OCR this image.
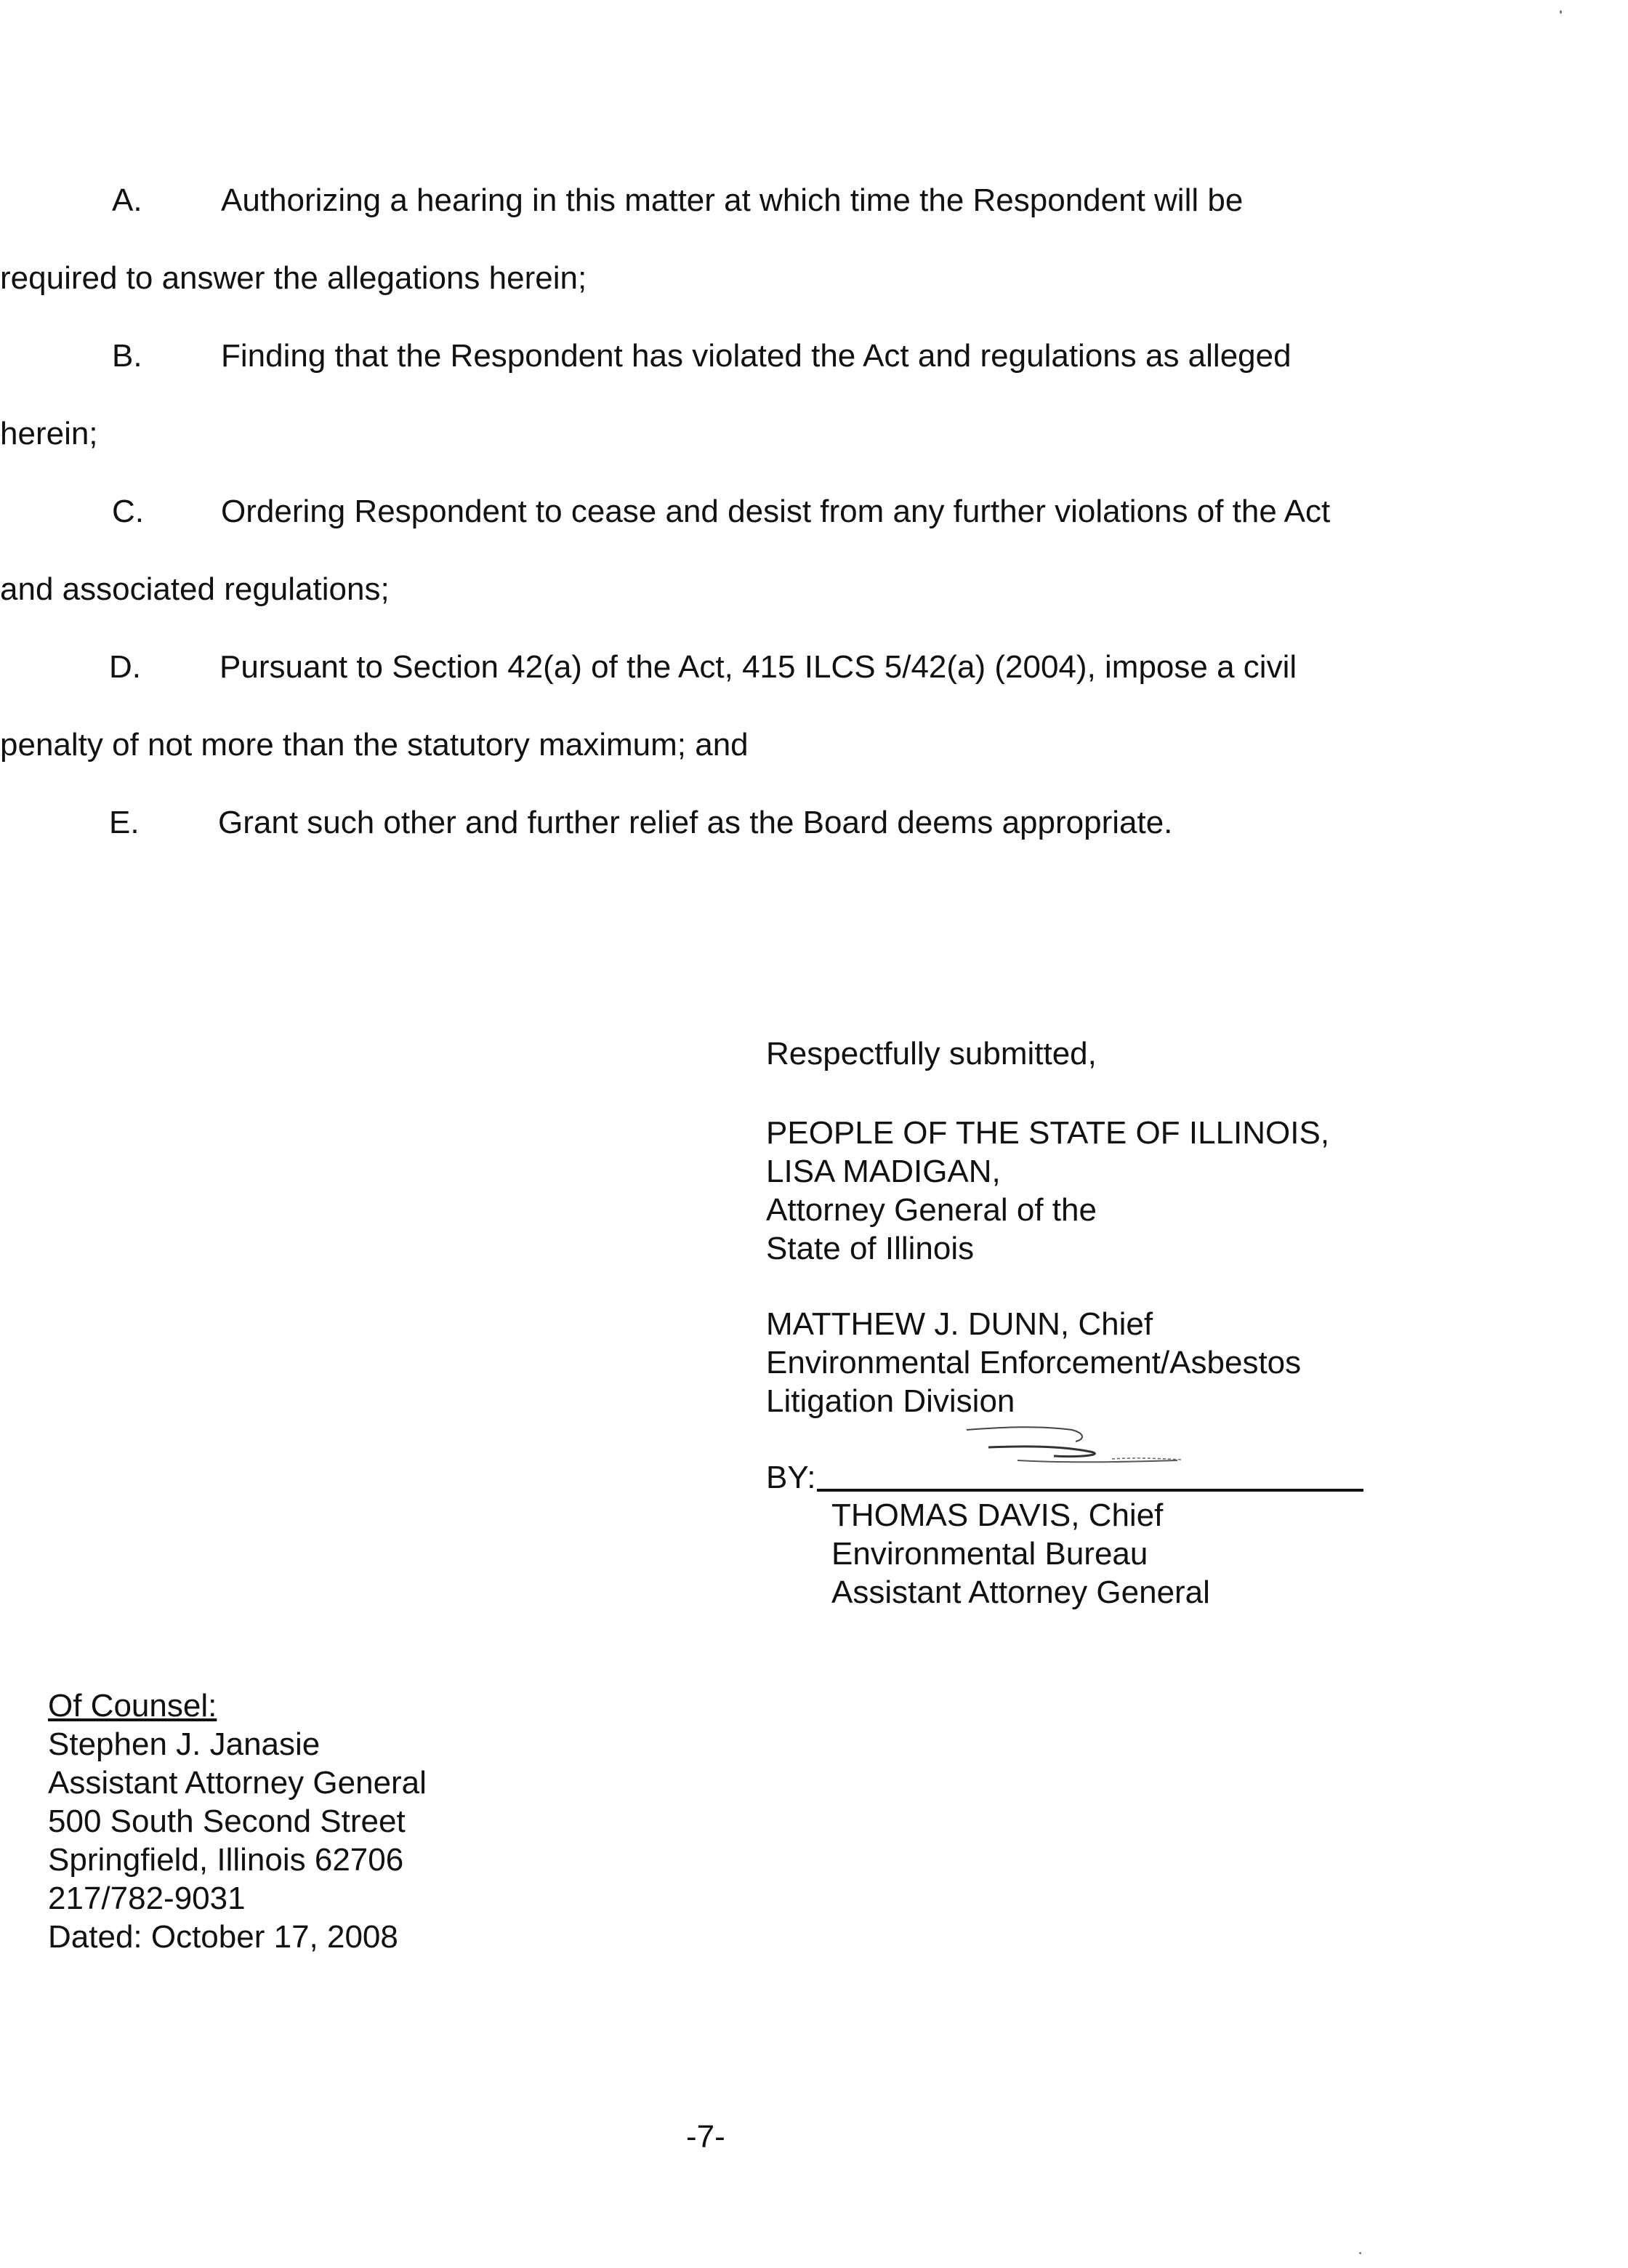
A. Authorizing a hearing in this matter at which time the Respondent will be
required to answer the allegations herein;
B. Finding that the Respondent has violated the Act and regulations as alleged
herein;
C. Ordering Respondent to cease and desist from any further violations of the Act
and associated regulations;
D. Pursuant to Section 42(a) of the Act, 415 ILCS 5/42(a) (2004), impose a civil
penalty of not more than the statutory maximum; and
E. Grant such other and further relief as the Board deems appropriate.
Respectfully submitted,
PEOPLE OF THE STATE OF ILLINOIS,
LISA MADIGAN,
Attorney General of the
State of Illinois
MATTHEW J. DUNN, Chief
Environmental Enforcement/Asbestos
Litigation Division
BY:
THOMAS DAVIS, Chief
Environmental Bureau
Assistant Attorney General
Of Counsel:
Stephen J. Janasie
Assistant Attorney General
500 South Second Street
Springfield, Illinois 62706
217/782-9031
Dated: October 17, 2008
-7-
